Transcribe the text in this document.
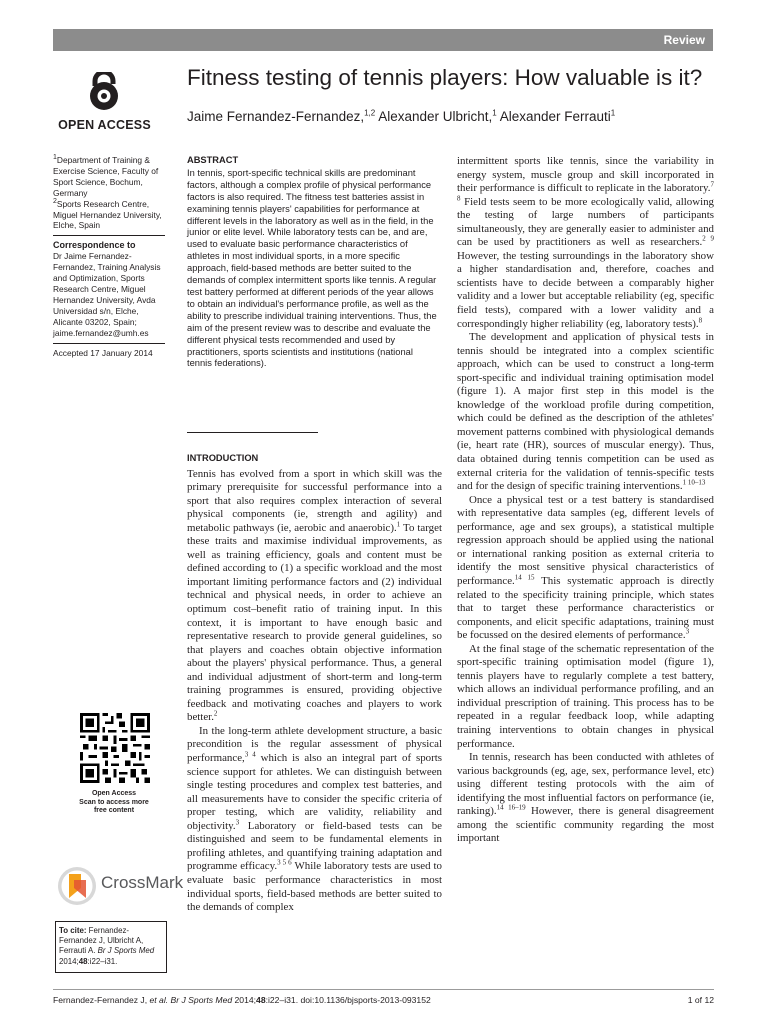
Review
OPEN ACCESS
Fitness testing of tennis players: How valuable is it?
Jaime Fernandez-Fernandez,$^{1,2}$ Alexander Ulbricht,$^1$ Alexander Ferrauti$^1$

$^1$Department of Training & Exercise Science, Faculty of Sport Science, Bochum, Germany

$^2$Sports Research Centre, Miguel Hernandez University, Elche, Spain

Correspondence to

Dr Jaime Fernandez-Fernandez, Training Analysis and Optimization, Sports Research Centre, Miguel Hernandez University, Avda Universidad s/n, Elche, Alicante 03202, Spain;

jaime.fernandez@umh.es

Accepted 17 January 2014

ABSTRACT

In tennis, sport-specific technical skills are predominant factors, although a complex profile of physical performance factors is also required. The fitness test batteries assist in examining tennis players' capabilities for performance at different levels in the laboratory as well as in the field, in the junior or elite level. While laboratory tests can be, and are, used to evaluate basic performance characteristics of athletes in most individual sports, in a more specific approach, field-based methods are better suited to the demands of complex intermittent sports like tennis. A regular test battery performed at different periods of the year allows to obtain an individual's performance profile, as well as the ability to prescribe individual training interventions. Thus, the aim of the present review was to describe and evaluate the different physical tests recommended and used by practitioners, sports scientists and institutions (national tennis federations).

INTRODUCTION

Tennis has evolved from a sport in which skill was the primary prerequisite for successful performance into a sport that also requires complex interaction of several physical components (ie, strength and agility) and metabolic pathways (ie, aerobic and anaerobic).$^1$ To target these traits and maximise individual improvements, as well as training efficiency, goals and content must be defined according to (1) a specific workload and the most important limiting performance factors and (2) individual technical and physical needs, in order to achieve an optimum cost–benefit ratio of training input. In this context, it is important to have enough basic and representative research to provide general guidelines, so that players and coaches obtain objective information about the players' physical performance. Thus, a general and individual adjustment of short-term and long-term training programmes is ensured, providing objective feedback and motivating coaches and players to work better.$^2$

In the long-term athlete development structure, a basic precondition is the regular assessment of physical performance,$^{3 4}$ which is also an integral part of sports science support for athletes. We can distinguish between single testing procedures and complex test batteries, and all measurements have to consider the specific criteria of proper testing, which are validity, reliability and objectivity.$^3$ Laboratory or field-based tests can be distinguished and seem to be fundamental elements in profiling athletes, and quantifying training adaptation and programme efficacy.$^{3 5 6}$ While laboratory tests are used to evaluate basic performance characteristics in most individual sports, field-based methods are better suited to the demands of complex

intermittent sports like tennis, since the variability in energy system, muscle group and skill incorporated in their performance is difficult to replicate in the laboratory.$^{7 8}$ Field tests seem to be more ecologically valid, allowing the testing of large numbers of participants simultaneously, they are generally easier to administer and can be used by practitioners as well as researchers.$^{2 9}$ However, the testing surroundings in the laboratory show a higher standardisation and, therefore, coaches and scientists have to decide between a comparably higher validity and a lower but acceptable reliability (eg, specific field tests), compared with a lower validity and a correspondingly higher reliability (eg, laboratory tests).$^8$

The development and application of physical tests in tennis should be integrated into a complex scientific approach, which can be used to construct a long-term sport-specific and individual training optimisation model (figure 1). A major first step in this model is the knowledge of the workload profile during competition, which could be defined as the description of the athletes' movement patterns combined with physiological demands (ie, heart rate (HR), sources of muscular energy). Thus, data obtained during tennis competition can be used as external criteria for the validation of tennis-specific tests and for the design of specific training interventions.$^{1 10-13}$

Once a physical test or a test battery is standardised with representative data samples (eg, different levels of performance, age and sex groups), a statistical multiple regression approach should be applied using the national or international ranking position as external criteria to identify the most sensitive physical characteristics of performance.$^{14 15}$ This systematic approach is directly related to the specificity training principle, which states that to target these performance characteristics or components, and elicit specific adaptations, training must be focussed on the desired elements of performance.$^3$

At the final stage of the schematic representation of the sport-specific training optimisation model (figure 1), tennis players have to regularly complete a test battery, which allows an individual performance profiling, and an individual prescription of training. This process has to be repeated in a regular feedback loop, while adapting training interventions to obtain changes in physical performance.

In tennis, research has been conducted with athletes of various backgrounds (eg, age, sex, performance level, etc) using different testing protocols with the aim of identifying the most influential factors on performance (ie, ranking).$^{14 16-19}$ However, there is general disagreement among the scientific community regarding the most important

Open Access
Scan to access more
free content
CrossMark
To cite: Fernandez-Fernandez J, Ulbricht A, Ferrauti A. Br J Sports Med 2014;48:i22–i31.
Fernandez-Fernandez J, et al. Br J Sports Med 2014;48:i22–i31. doi:10.1136/bjsports-2013-093152	1 of 12
